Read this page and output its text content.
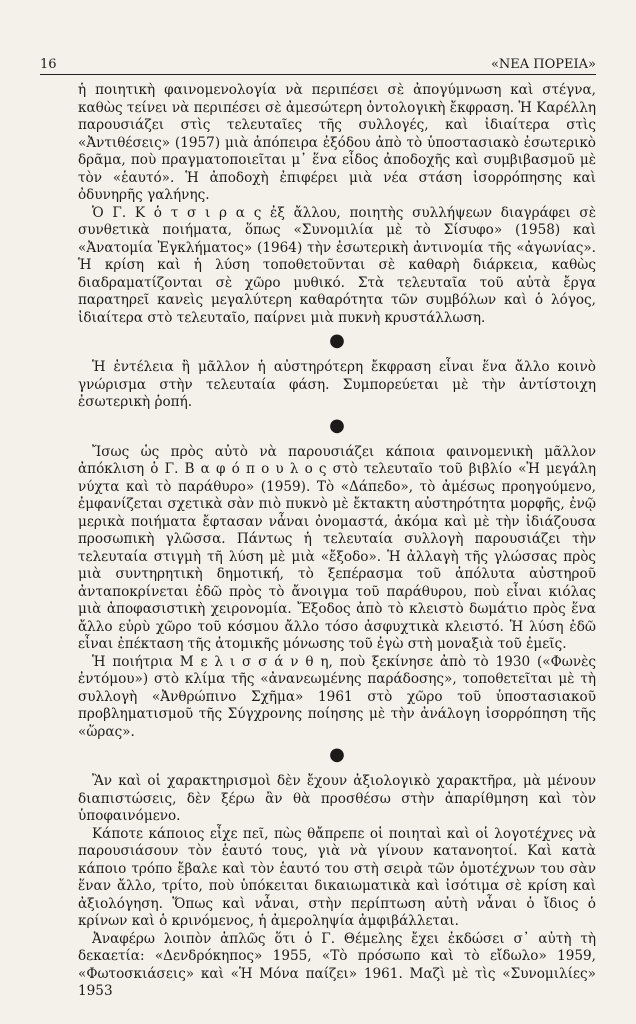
16	«ΝΕΑ ΠΟΡΕΙΑ»

ἡ ποιητικὴ φαινομενολογία νὰ περιπέσει σὲ ἀπογύμνωση καὶ στέγνα, καθὼς τείνει νὰ περιπέσει σὲ ἀμεσώτερη ὀντολογικὴ ἔκφραση. Ἡ Καρέλλη παρουσιάζει στὶς τελευταῖες τῆς συλλογές, καὶ ἰδιαίτερα στὶς «Ἀντιθέσεις» (1957) μιὰ ἀπόπειρα ἐξόδου ἀπὸ τὸ ὑποστασιακὸ ἐσωτερικὸ δρᾶμα, ποὺ πραγματοποιεῖται μ᾽ ἕνα εἶδος ἀποδοχῆς καὶ συμβιβασμοῦ μὲ τὸν «ἑαυτό». Ἡ ἀποδοχὴ ἐπιφέρει μιὰ νέα στάση ἰσορρόπησης καὶ ὀδυνηρῆς γαλήνης.

Ὁ Γ. Κ ὁ τ σ ι ρ α ς ἐξ ἄλλου, ποιητὴς συλλήψεων διαγράφει σὲ συνθετικὰ ποιήματα, ὅπως «Συνομιλία μὲ τὸ Σίσυφο» (1958) καὶ «Ἀνατομία Ἐγκλήματος» (1964) τὴν ἐσωτερικὴ ἀντινομία τῆς «ἀγωνίας». Ἡ κρίση καὶ ἡ λύση τοποθετοῦνται σὲ καθαρὴ διάρκεια, καθὼς διαδραματίζονται σὲ χῶρο μυθικό. Στὰ τελευταῖα τοῦ αὐτὰ ἔργα παρατηρεῖ κανεὶς μεγαλύτερη καθαρότητα τῶν συμβόλων καὶ ὁ λόγος, ἰδιαίτερα στὸ τελευταῖο, παίρνει μιὰ πυκνὴ κρυστάλλωση.

●

Ἡ ἐντέλεια ἢ μᾶλλον ἡ αὐστηρότερη ἔκφραση εἶναι ἕνα ἄλλο κοινὸ γνώρισμα στὴν τελευταία φάση. Συμπορεύεται μὲ τὴν ἀντίστοιχη ἐσωτερικὴ ῥοπή.

●

Ἴσως ὡς πρὸς αὐτὸ νὰ παρουσιάζει κάποια φαινομενικὴ μᾶλλον ἀπόκλιση ὁ Γ. Β α φ ό π ο υ λ ο ς στὸ τελευταῖο τοῦ βιβλίο «Ἡ μεγάλη νύχτα καὶ τὸ παράθυρο» (1959). Τὸ «Δάπεδο», τὸ ἀμέσως προηγούμενο, ἐμφανίζεται σχετικὰ σὰν πιὸ πυκνὸ μὲ ἔκτακτη αὐστηρότητα μορφῆς, ἐνῷ μερικὰ ποιήματα ἔφτασαν νἆναι ὀνομαστά, ἀκόμα καὶ μὲ τὴν ἰδιάζουσα προσωπικὴ γλῶσσα. Πάντως ἡ τελευταία συλλογὴ παρουσιάζει τὴν τελευταία στιγμὴ τῆ λύση μὲ μιὰ «ἔξοδο». Ἡ ἀλλαγὴ τῆς γλώσσας πρὸς μιὰ συντηρητικὴ δημοτική, τὸ ξεπέρασμα τοῦ ἀπόλυτα αὐστηροῦ ἀνταποκρίνεται ἐδῶ πρὸς τὸ ἄνοιγμα τοῦ παράθυρου, ποὺ εἶναι κιόλας μιὰ ἀποφασιστικὴ χειρονομία. Ἔξοδος ἀπὸ τὸ κλειστὸ δωμάτιο πρὸς ἕνα ἄλλο εὐρὺ χῶρο τοῦ κόσμου ἄλλο τόσο ἀσφυχτικὰ κλειστό. Ἡ λύση ἐδῶ εἶναι ἐπέκταση τῆς ἀτομικῆς μόνωσης τοῦ ἐγὼ στὴ μοναξιὰ τοῦ ἐμεῖς.

Ἡ ποιήτρια Μ ε λ ι σ σ ά ν θ η, ποὺ ξεκίνησε ἀπὸ τὸ 1930 («Φωνὲς ἐντόμου») στὸ κλίμα τῆς «ἀνανεωμένης παράδοσης», τοποθετεῖται μὲ τὴ συλλογὴ «Ἀνθρώπινο Σχῆμα» 1961 στὸ χῶρο τοῦ ὑποστασιακοῦ προβληματισμοῦ τῆς Σύγχρονης ποίησης μὲ τὴν ἀνάλογη ἰσορρόπηση τῆς «ὥρας».

●

Ἂν καὶ οἱ χαρακτηρισμοὶ δὲν ἔχουν ἀξιολογικὸ χαρακτῆρα, μὰ μένουν διαπιστώσεις, δὲν ξέρω ἂν θὰ προσθέσω στὴν ἀπαρίθμηση καὶ τὸν ὑποφαινόμενο.

Κάποτε κάποιος εἶχε πεῖ, πὼς θἄπρεπε οἱ ποιηταὶ καὶ οἱ λογοτέχνες νὰ παρουσιάσουν τὸν ἑαυτό τους, γιὰ νὰ γίνουν κατανοητοί. Καὶ κατὰ κάποιο τρόπο ἔβαλε καὶ τὸν ἑαυτό του στὴ σειρὰ τῶν ὁμοτέχνων του σὰν ἕναν ἄλλο, τρίτο, ποὺ ὑπόκειται δικαιωματικὰ καὶ ἰσότιμα σὲ κρίση καὶ ἀξιολόγηση. Ὅπως καὶ νἆναι, στὴν περίπτωση αὐτὴ νἆναι ὁ ἴδιος ὁ κρίνων καὶ ὁ κρινόμενος, ἡ ἀμεροληψία ἀμφιβάλλεται.

Ἀναφέρω λοιπὸν ἁπλῶς ὅτι ὁ Γ. Θέμελης ἔχει ἐκδώσει σ᾽ αὐτὴ τὴ δεκαετία: «Δενδρόκηπος» 1955, «Τὸ πρόσωπο καὶ τὸ εἴδωλο» 1959, «Φωτοσκιάσεις» καὶ «Ἡ Μόνα παίζει» 1961. Μαζὶ μὲ τὶς «Συνομιλίες» 1953
